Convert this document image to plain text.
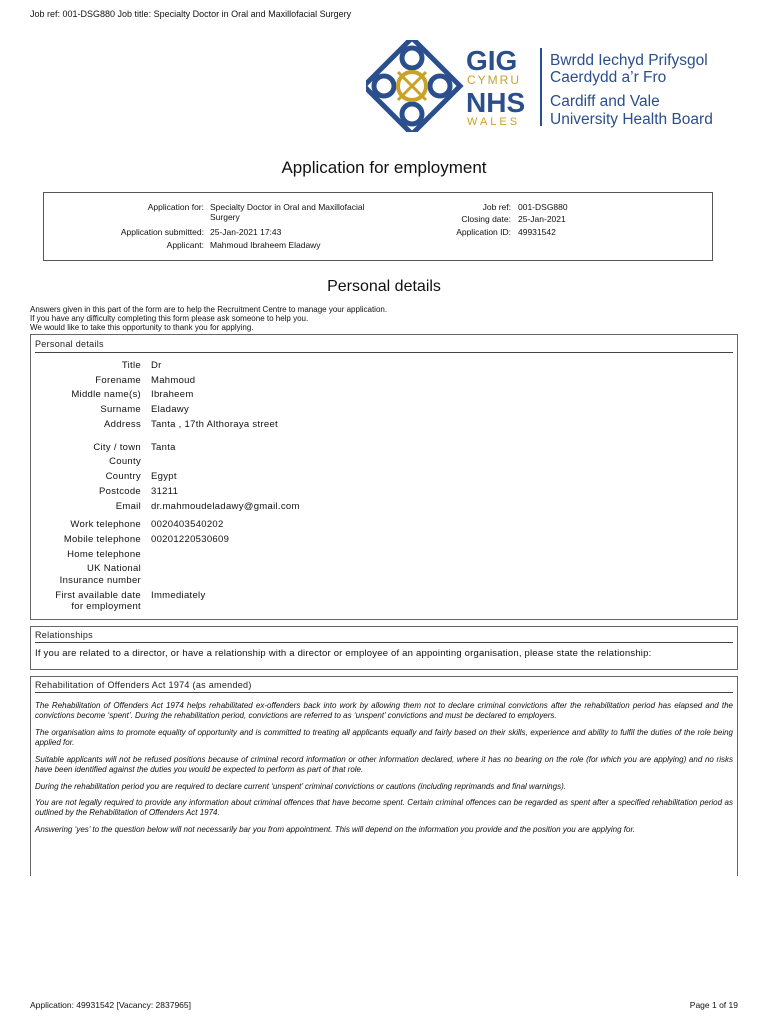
Job ref: 001-DSG880 Job title: Specialty Doctor in Oral and Maxillofacial Surgery
GIG
CYMRU
NHS
WALES
Bwrdd Iechyd Prifysgol
Caerdydd a’r Fro
Cardiff and Vale
University Health Board
Application for employment
Application for: Specialty Doctor in Oral and Maxillofacial
Surgery
Application submitted: 25-Jan-2021 17:43
Applicant: Mahmoud Ibraheem Eladawy
Job ref: 001-DSG880
Closing date: 25-Jan-2021
Application ID: 49931542
Personal details
Answers given in this part of the form are to help the Recruitment Centre to manage your application.
If you have any difficulty completing this form please ask someone to help you.
We would like to take this opportunity to thank you for applying.
Personal details
Title Dr
Forename Mahmoud
Middle name(s) Ibraheem
Surname Eladawy
Address Tanta , 17th Althoraya street
City / town Tanta
County
Country Egypt
Postcode 31211
Email dr.mahmoudeladawy@gmail.com
Work telephone 0020403540202
Mobile telephone 00201220530609
Home telephone
UK National
Insurance number
First available date
for employment
Immediately
Relationships
If you are related to a director, or have a relationship with a director or employee of an appointing organisation, please state the relationship:
Rehabilitation of Offenders Act 1974 (as amended)
The Rehabilitation of Offenders Act 1974 helps rehabilitated ex-offenders back into work by allowing them not to declare criminal convictions after the rehabilitation period has elapsed and the convictions become ‘spent’. During the rehabilitation period, convictions are referred to as ‘unspent’ convictions and must be declared to employers.
The organisation aims to promote equality of opportunity and is committed to treating all applicants equally and fairly based on their skills, experience and ability to fulfil the duties of the role being applied for.
Suitable applicants will not be refused positions because of criminal record information or other information declared, where it has no bearing on the role (for which you are applying) and no risks have been identified against the duties you would be expected to perform as part of that role.
During the rehabilitation period you are required to declare current ‘unspent’ criminal convictions or cautions (including reprimands and final warnings).
You are not legally required to provide any information about criminal offences that have become spent. Certain criminal offences can be regarded as spent after a specified rehabilitation period as outlined by the Rehabilitation of Offenders Act 1974.
Answering ‘yes’ to the question below will not necessarily bar you from appointment. This will depend on the information you provide and the position you are applying for.
Application: 49931542 [Vacancy: 2837965]	Page 1 of 19
